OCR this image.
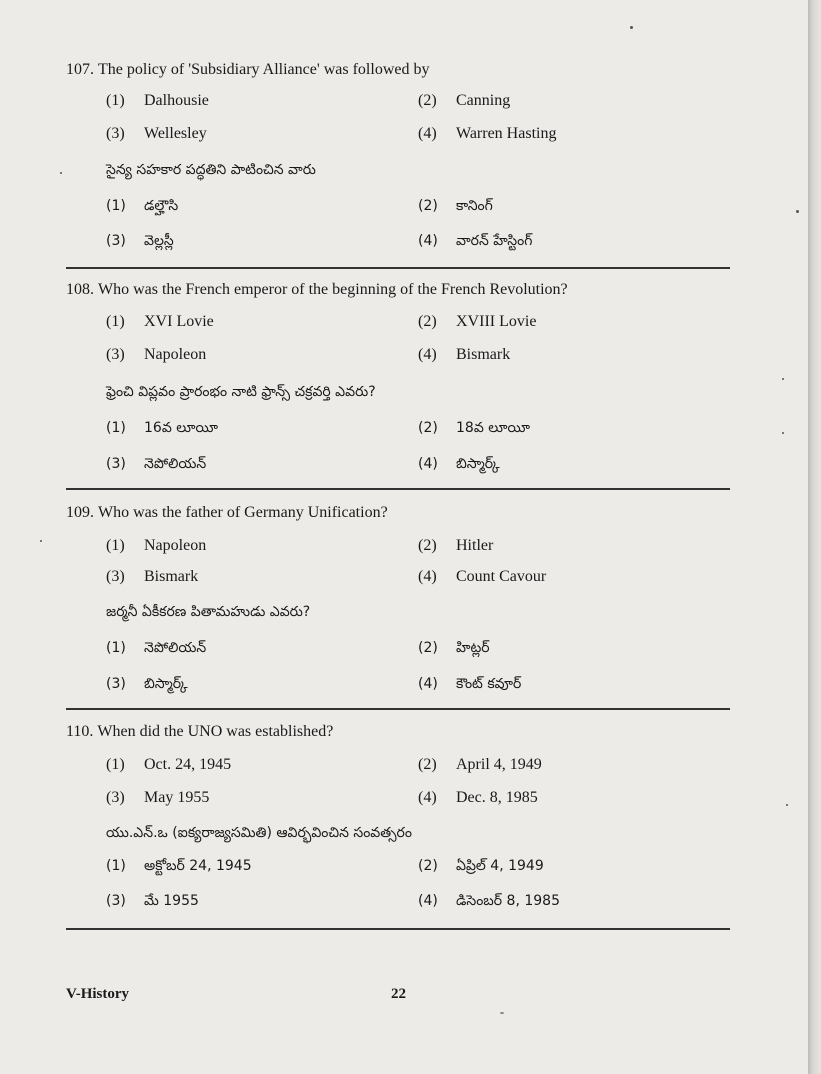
107. The policy of 'Subsidiary Alliance' was followed by
(1) Dalhousie	(2) Canning
(3) Wellesley	(4) Warren Hasting
సైన్య సహకార పద్ధతిని పాటించిన వారు
(1) డల్హౌసి	(2) కానింగ్
(3) వెల్లస్లీ	(4) వారన్ హేస్టింగ్
108. Who was the French emperor of the beginning of the French Revolution?
(1) XVI Lovie	(2) XVIII Lovie
(3) Napoleon	(4) Bismark
ఫ్రెంచి విప్లవం ప్రారంభం నాటి ఫ్రాన్స్ చక్రవర్తి ఎవరు?
(1) 16వ లూయీ	(2) 18వ లూయీ
(3) నెపోలియన్	(4) బిస్మార్క్
109. Who was the father of Germany Unification?
(1) Napoleon	(2) Hitler
(3) Bismark	(4) Count Cavour
జర్మనీ ఏకీకరణ పితామహుడు ఎవరు?
(1) నెపోలియన్	(2) హిట్లర్
(3) బిస్మార్క్	(4) కౌంట్ కవూర్
110. When did the UNO was established?
(1) Oct. 24, 1945	(2) April 4, 1949
(3) May 1955	(4) Dec. 8, 1985
యు.ఎన్.ఒ (ఐక్యరాజ్యసమితి) ఆవిర్భవించిన సంవత్సరం
(1) అక్టోబర్ 24, 1945	(2) ఏప్రిల్ 4, 1949
(3) మే 1955	(4) డిసెంబర్ 8, 1985
V-History	22
